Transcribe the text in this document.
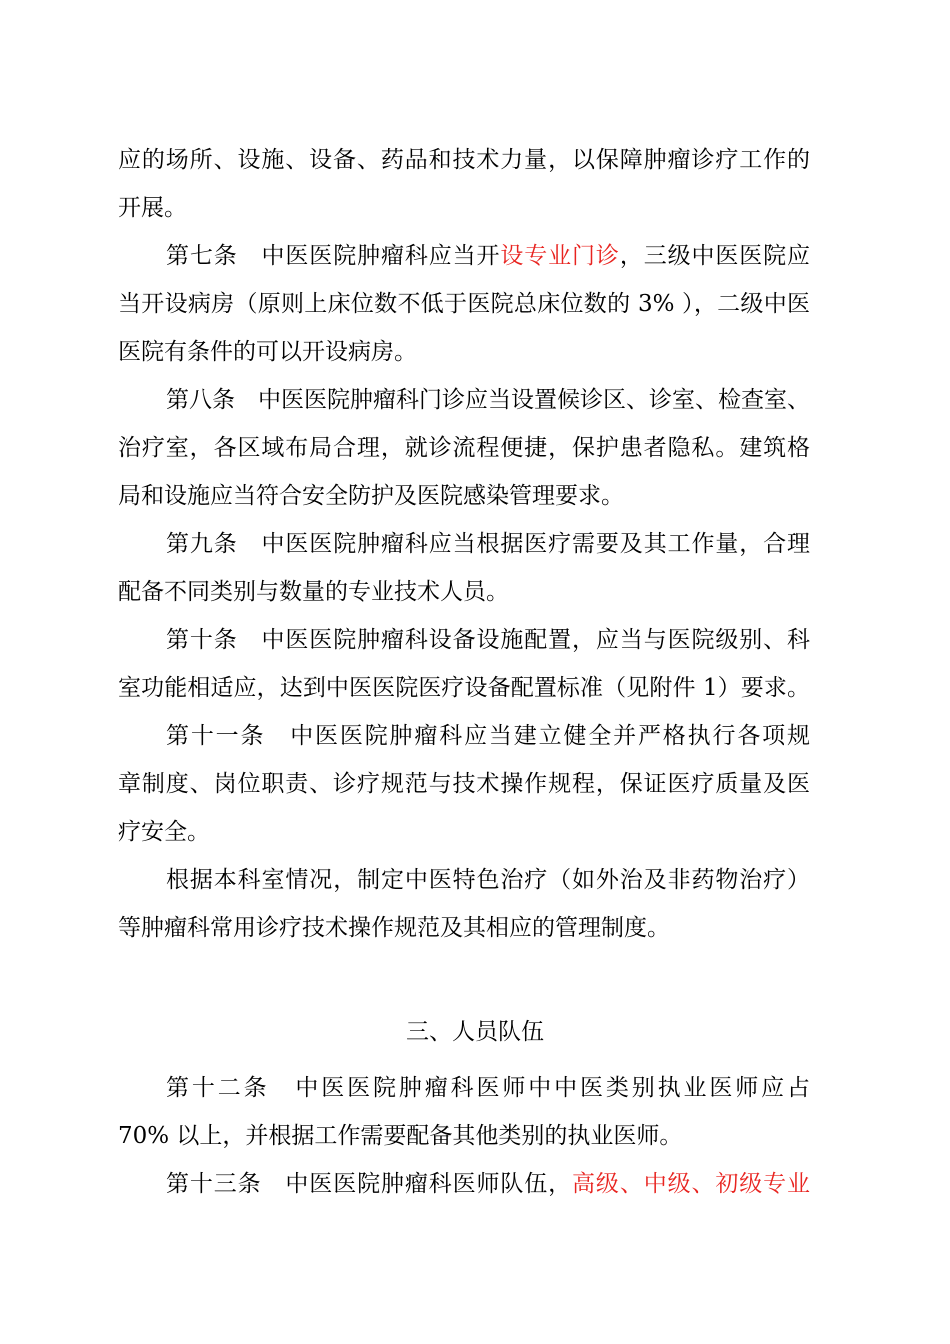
应的场所、设施、设备、药品和技术力量，以保障肿瘤诊疗工作的
开展。
第七条　中医医院肿瘤科应当开设专业门诊，三级中医医院应
当开设病房（原则上床位数不低于医院总床位数的 3% ），二级中医
医院有条件的可以开设病房。
第八条　中医医院肿瘤科门诊应当设置候诊区、诊室、检查室、
治疗室，各区域布局合理，就诊流程便捷，保护患者隐私。建筑格
局和设施应当符合安全防护及医院感染管理要求。
第九条　中医医院肿瘤科应当根据医疗需要及其工作量，合理
配备不同类别与数量的专业技术人员。
第十条　中医医院肿瘤科设备设施配置，应当与医院级别、科
室功能相适应，达到中医医院医疗设备配置标准（见附件 1）要求。
第十一条　中医医院肿瘤科应当建立健全并严格执行各项规
章制度、岗位职责、诊疗规范与技术操作规程，保证医疗质量及医
疗安全。
根据本科室情况，制定中医特色治疗（如外治及非药物治疗）
等肿瘤科常用诊疗技术操作规范及其相应的管理制度。
三、人员队伍
第十二条　中医医院肿瘤科医师中中医类别执业医师应占
70% 以上，并根据工作需要配备其他类别的执业医师。
第十三条　中医医院肿瘤科医师队伍，高级、中级、初级专业
